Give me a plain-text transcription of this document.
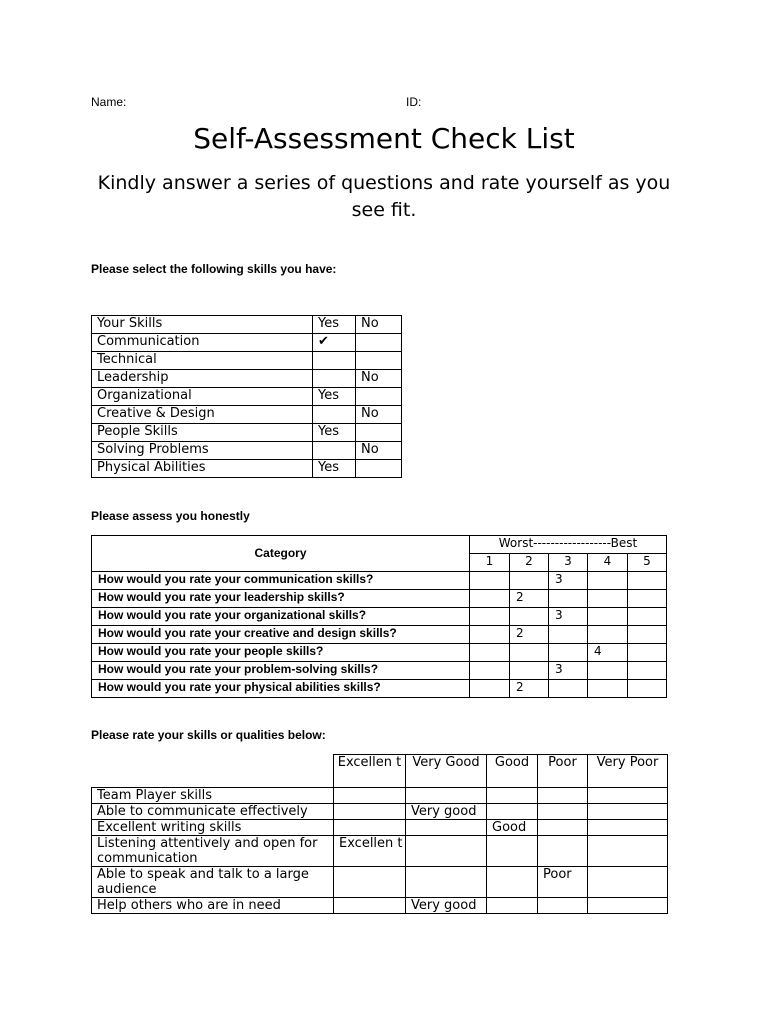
Name:	ID:
Self-Assessment Check List
Kindly answer a series of questions and rate yourself as you see fit.
Please select the following skills you have:
Your Skills	Yes	No
Communication	✔	
Technical		
Leadership		No
Organizational	Yes	
Creative & Design		No
People Skills	Yes	
Solving Problems		No
Physical Abilities	Yes	
Please assess you honestly
Category	Worst------------------Best				
	1	2	3	4	5
How would you rate your communication skills?			3		
How would you rate your leadership skills?		2			
How would you rate your organizational skills?			3		
How would you rate your creative and design skills?		2			
How would you rate your people skills?				4	
How would you rate your problem-solving skills?			3		
How would you rate your physical abilities skills?		2			
Please rate your skills or qualities below:
	Excellen t	Very Good	Good	Poor	Very Poor
Team Player skills					
Able to communicate effectively		Very good			
Excellent writing skills			Good		
Listening attentively and open for communication	Excellen t				
Able to speak and talk to a large audience				Poor	
Help others who are in need		Very good			
